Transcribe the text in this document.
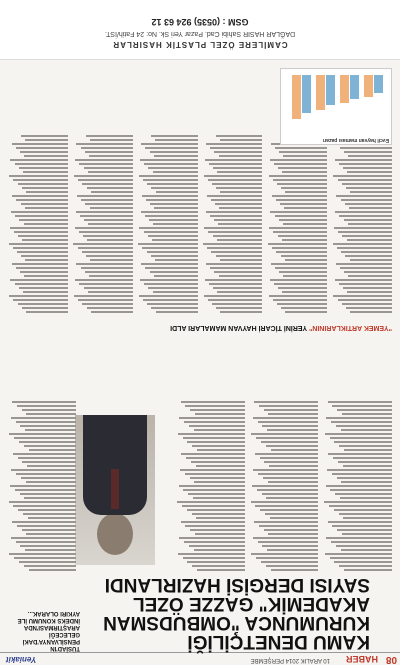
08
HABER
10 ARALIK 2014 PERŞEMBE
Yeniakit
KAMU DENETÇİLİĞİ KURUMUNCA "OMBUDSMAN AKADEMİK" GAZZE ÖZEL SAYISI DERGİSİ HAZIRLANDI
TÜSİAD'IN PENSİLVANYA'DAKİ GELECEĞİ ARAŞTIRMASI'NDA İNDEKS KONUMU İLE AYKIRI OLARAK...
"YEMEK ARTIKLARININ" YERİNİ TİCARİ HAYVAN MAMALARI ALDI
Evcil hayvan maması pazarı
CAMİLERE ÖZEL PLASTİK HASIRLAR
DAĞLAR HASIR Sahibi Cad. Pazar Yeri Sk. No: 24 Fatih/İST.
GSM : (0535) 924 63 12
